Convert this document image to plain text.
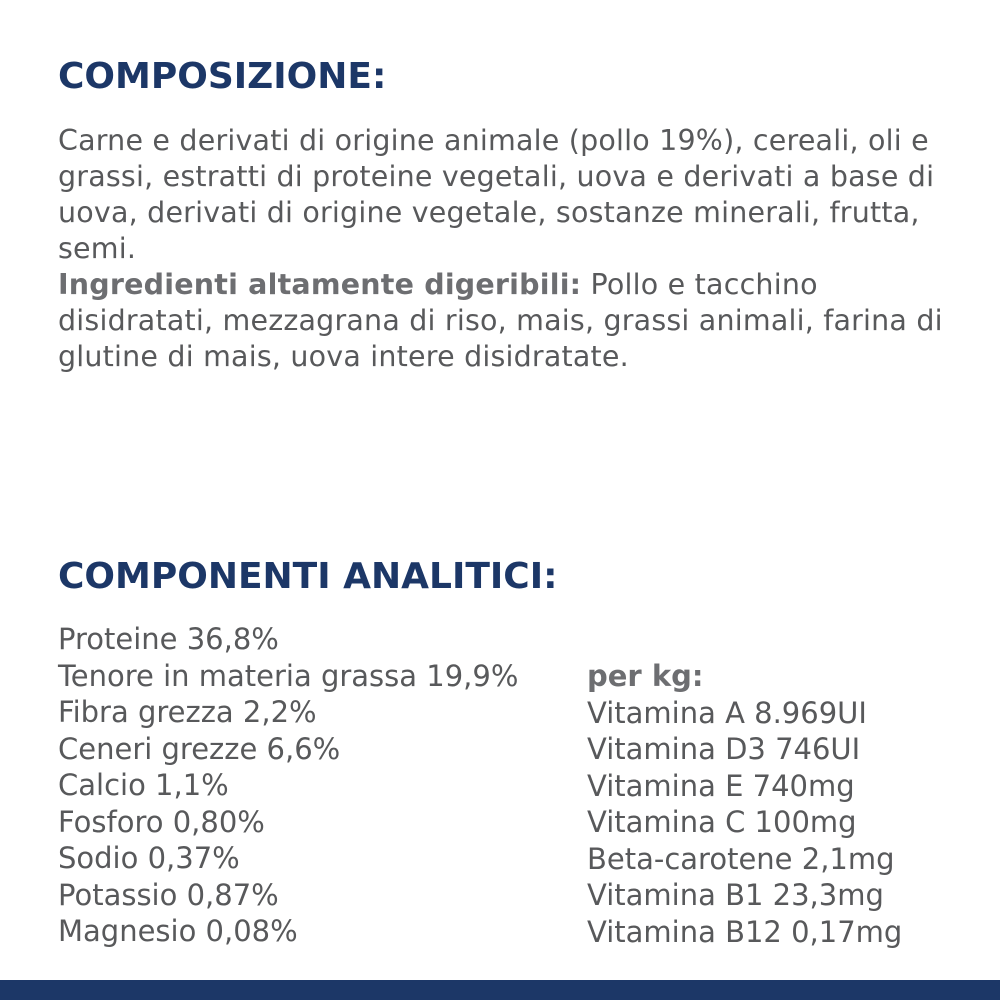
COMPOSIZIONE:

Carne e derivati di origine animale (pollo 19%), cereali, oli e grassi, estratti di proteine vegetali, uova e derivati a base di uova, derivati di origine vegetale, sostanze minerali, frutta, semi.
Ingredienti altamente digeribili: Pollo e tacchino disidratati, mezzagrana di riso, mais, grassi animali, farina di glutine di mais, uova intere disidratate.

COMPONENTI ANALITICI:
Proteine 36,8%
Tenore in materia grassa 19,9%
Fibra grezza 2,2%
Ceneri grezze 6,6%
Calcio 1,1%
Fosforo 0,80%
Sodio 0,37%
Potassio 0,87%
Magnesio 0,08%
per kg:
Vitamina A 8.969UI
Vitamina D3 746UI
Vitamina E 740mg
Vitamina C 100mg
Beta-carotene 2,1mg
Vitamina B1 23,3mg
Vitamina B12 0,17mg
